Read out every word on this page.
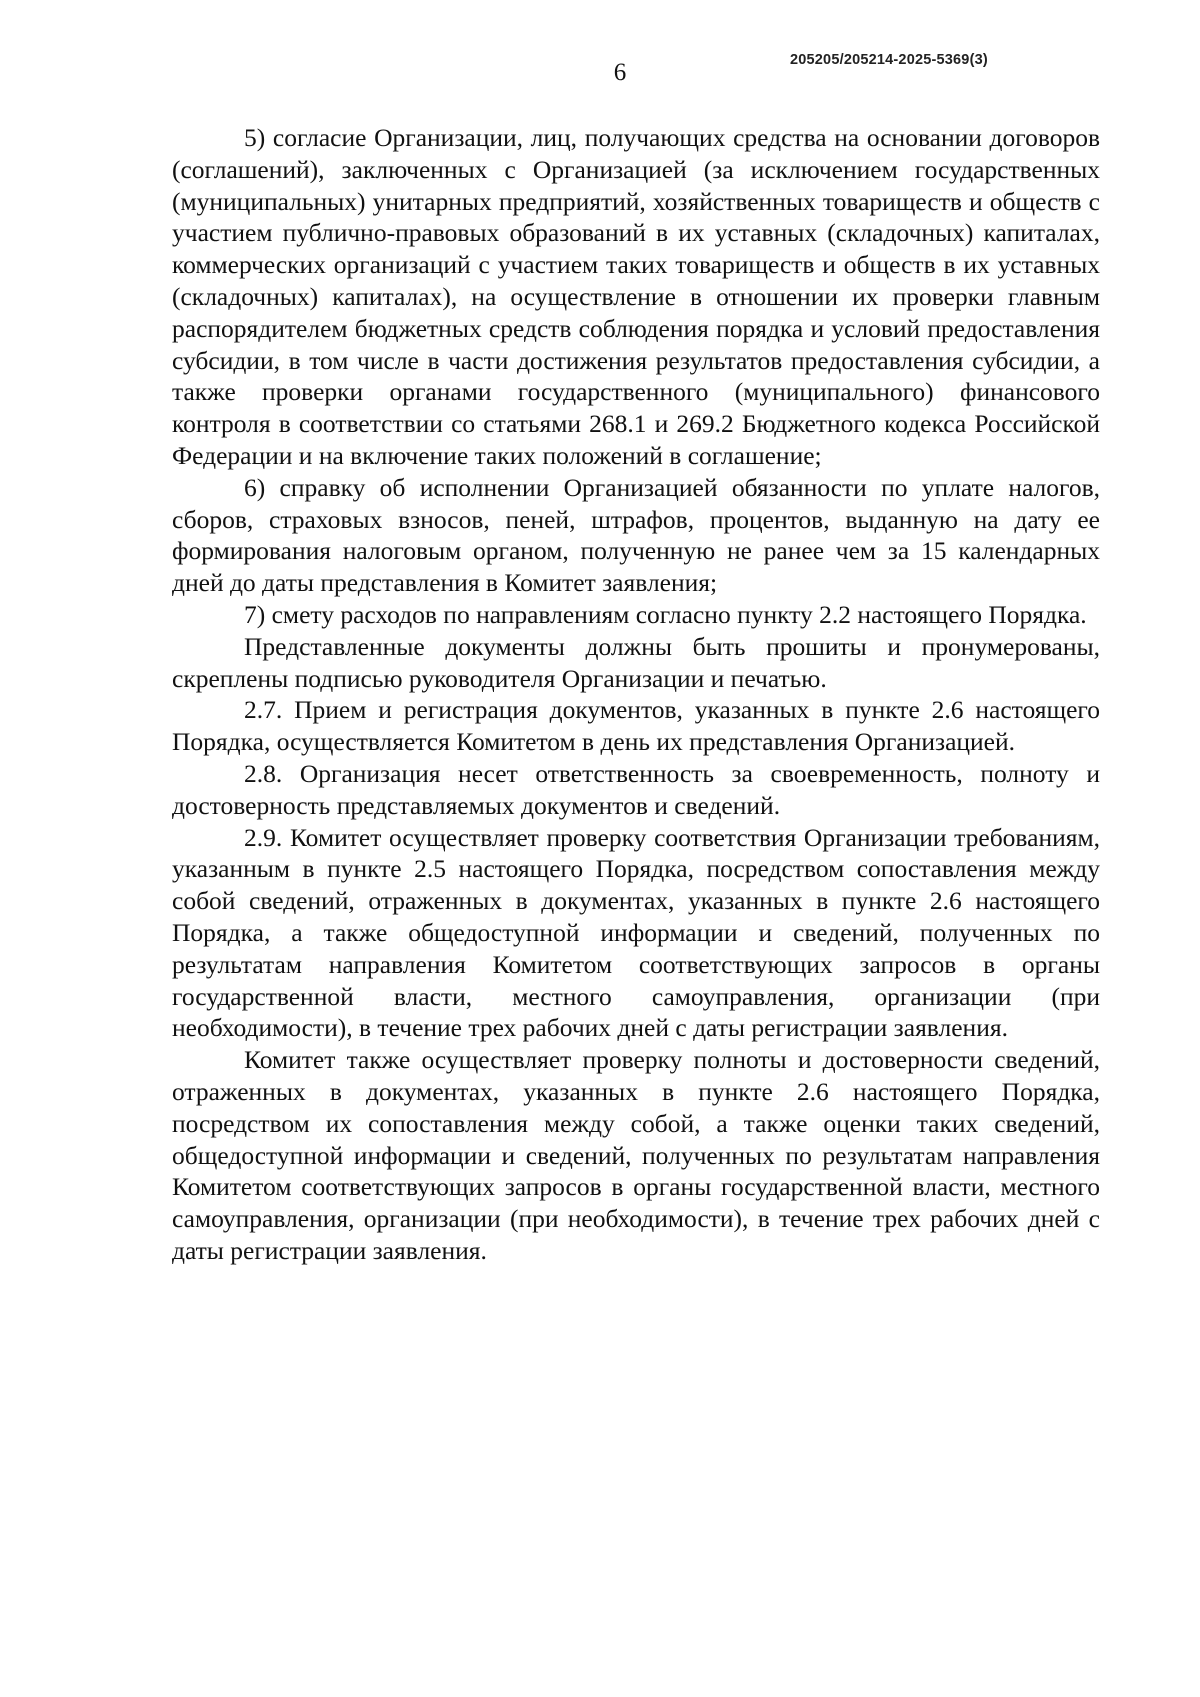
6	205205/205214-2025-5369(3)

5) согласие Организации, лиц, получающих средства на основании договоров (соглашений), заключенных с Организацией (за исключением государственных (муниципальных) унитарных предприятий, хозяйственных товариществ и обществ с участием публично-правовых образований в их уставных (складочных) капиталах, коммерческих организаций с участием таких товариществ и обществ в их уставных (складочных) капиталах), на осуществление в отношении их проверки главным распорядителем бюджетных средств соблюдения порядка и условий предоставления субсидии, в том числе в части достижения результатов предоставления субсидии, а также проверки органами государственного (муниципального) финансового контроля в соответствии со статьями 268.1 и 269.2 Бюджетного кодекса Российской Федерации и на включение таких положений в соглашение;

6) справку об исполнении Организацией обязанности по уплате налогов, сборов, страховых взносов, пеней, штрафов, процентов, выданную на дату ее формирования налоговым органом, полученную не ранее чем за 15 календарных дней до даты представления в Комитет заявления;

7) смету расходов по направлениям согласно пункту 2.2 настоящего Порядка.

Представленные документы должны быть прошиты и пронумерованы, скреплены подписью руководителя Организации и печатью.

2.7. Прием и регистрация документов, указанных в пункте 2.6 настоящего Порядка, осуществляется Комитетом в день их представления Организацией.

2.8. Организация несет ответственность за своевременность, полноту и достоверность представляемых документов и сведений.

2.9. Комитет осуществляет проверку соответствия Организации требованиям, указанным в пункте 2.5 настоящего Порядка, посредством сопоставления между собой сведений, отраженных в документах, указанных в пункте 2.6 настоящего Порядка, а также общедоступной информации и сведений, полученных по результатам направления Комитетом соответствующих запросов в органы государственной власти, местного самоуправления, организации (при необходимости), в течение трех рабочих дней с даты регистрации заявления.

Комитет также осуществляет проверку полноты и достоверности сведений, отраженных в документах, указанных в пункте 2.6 настоящего Порядка, посредством их сопоставления между собой, а также оценки таких сведений, общедоступной информации и сведений, полученных по результатам направления Комитетом соответствующих запросов в органы государственной власти, местного самоуправления, организации (при необходимости), в течение трех рабочих дней с даты регистрации заявления.
